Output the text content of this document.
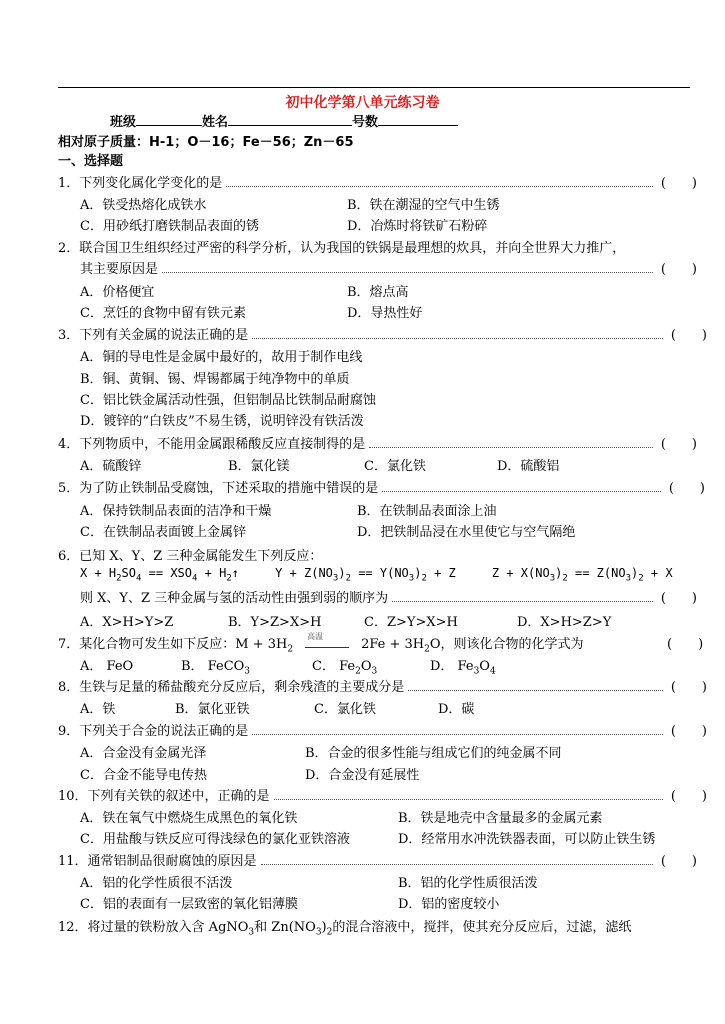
初中化学第八单元练习卷
班级	姓名	号数
相对原子质量：H-1；O－16；Fe－56；Zn－65
一、选择题
1．下列变化属化学变化的是	(　　)
A．铁受热熔化成铁水	B．铁在潮湿的空气中生锈
C．用砂纸打磨铁制品表面的锈	D．冶炼时将铁矿石粉碎
2．联合国卫生组织经过严密的科学分析，认为我国的铁锅是最理想的炊具，并向全世界大力推广，
其主要原因是	(　　)
A．价格便宜	B．熔点高
C．烹饪的食物中留有铁元素	D．导热性好
3．下列有关金属的说法正确的是	(　　)
A．铜的导电性是金属中最好的，故用于制作电线
B．铜、黄铜、锡、焊锡都属于纯净物中的单质
C．铝比铁金属活动性强，但铝制品比铁制品耐腐蚀
D．镀锌的“白铁皮”不易生锈，说明锌没有铁活泼
4．下列物质中，不能用金属跟稀酸反应直接制得的是	(　　)
A．硫酸锌	B．氯化镁	C．氯化铁	D．硫酸铝
5．为了防止铁制品受腐蚀，下述采取的措施中错误的是	(　　)
A．保持铁制品表面的洁净和干燥	B．在铁制品表面涂上油
C．在铁制品表面镀上金属锌	D．把铁制品浸在水里使它与空气隔绝
6．已知 X、Y、Z 三种金属能发生下列反应：
$X + H_2SO_4 == XSO_4$ + $H_2↑$     $Y + Z(NO_3)_2 == Y(NO_3)_2 + Z$     $Z + X(NO_3)_2 == Z(NO_3)_2 + X$
则 X、Y、Z 三种金属与氢的活动性由强到弱的顺序为	(　　)
A．X>H>Y>Z	B．Y>Z>X>H	C．Z>Y>X>H	D．X>H>Z>Y
7．某化合物可发生如下反应：$M + 3H_2$
高温
$2Fe + 3H_2O$，则该化合物的化学式为	(　　)
A． FeO	B． FeCO$_3$	C． $Fe_2O_3$	D． $Fe_3O_4$
8．生铁与足量的稀盐酸充分反应后，剩余残渣的主要成分是	(　　)
A．铁	B．氯化亚铁	C．氯化铁	D．碳
9．下列关于合金的说法正确的是	(　　)
A．合金没有金属光泽	B．合金的很多性能与组成它们的纯金属不同
C．合金不能导电传热	D．合金没有延展性
10．下列有关铁的叙述中，正确的是	(　　)
A．铁在氧气中燃烧生成黑色的氧化铁	B．铁是地壳中含量最多的金属元素
C．用盐酸与铁反应可得浅绿色的氯化亚铁溶液	D．经常用水冲洗铁器表面，可以防止铁生锈
11．通常铝制品很耐腐蚀的原因是	(　　)
A．铝的化学性质很不活泼	B．铝的化学性质很活泼
C．铝的表面有一层致密的氧化铝薄膜	D．铝的密度较小
12．将过量的铁粉放入含 AgNO$_3$和 $Zn(NO_3)_2$的混合溶液中，搅拌，使其充分反应后，过滤，滤纸
